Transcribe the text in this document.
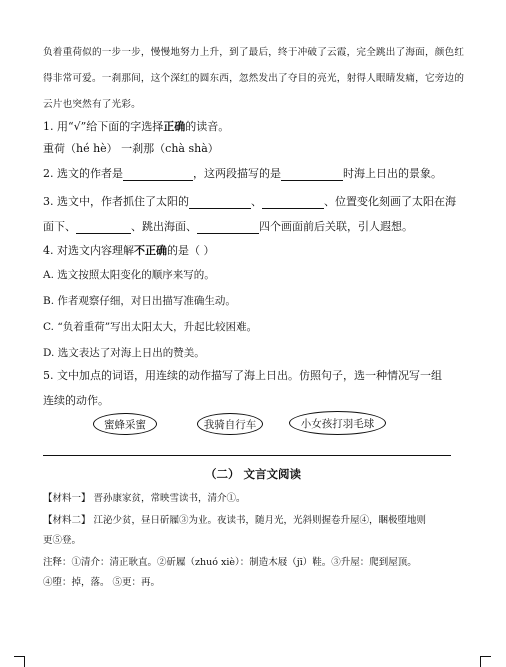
负着重荷似的一步一步，慢慢地努力上升，到了最后，终于冲破了云霞，完全跳出了海面，颜色红
得非常可爱。一刹那间，这个深红的圆东西，忽然发出了夺目的亮光，射得人眼睛发痛，它旁边的
云片也突然有了光彩。
1. 用“√”给下面的字选择正确的读音。
重荷（hé hè） 一刹那（chà shà）
2. 选文的作者是	，这两段描写的是	时海上日出的景象。
3. 选文中，作者抓住了太阳的	、	、位置变化刻画了太阳在海
面下、	、跳出海面、	四个画面前后关联，引人遐想。
4. 对选文内容理解不正确的是（ ）
A. 选文按照太阳变化的顺序来写的。
B. 作者观察仔细，对日出描写准确生动。
C. “负着重荷”写出太阳太大，升起比较困难。
D. 选文表达了对海上日出的赞美。
5. 文中加点的词语，用连续的动作描写了海上日出。仿照句子，选一种情况写一组
连续的动作。
蜜蜂采蜜	我骑自行车	小女孩打羽毛球
（二） 文言文阅读
【材料一】 晋孙康家贫，常映雪读书，清介①。
【材料二】 江泌少贫，昼日斫屧③为业。夜读书，随月光，光斜则握卷升屋④，睏极堕地则
更⑤登。
注释：①清介：清正耿直。②斫屧（zhuó xiè）：制造木屐（jī）鞋。③升屋：爬到屋顶。
④堕：掉，落。 ⑤更：再。
